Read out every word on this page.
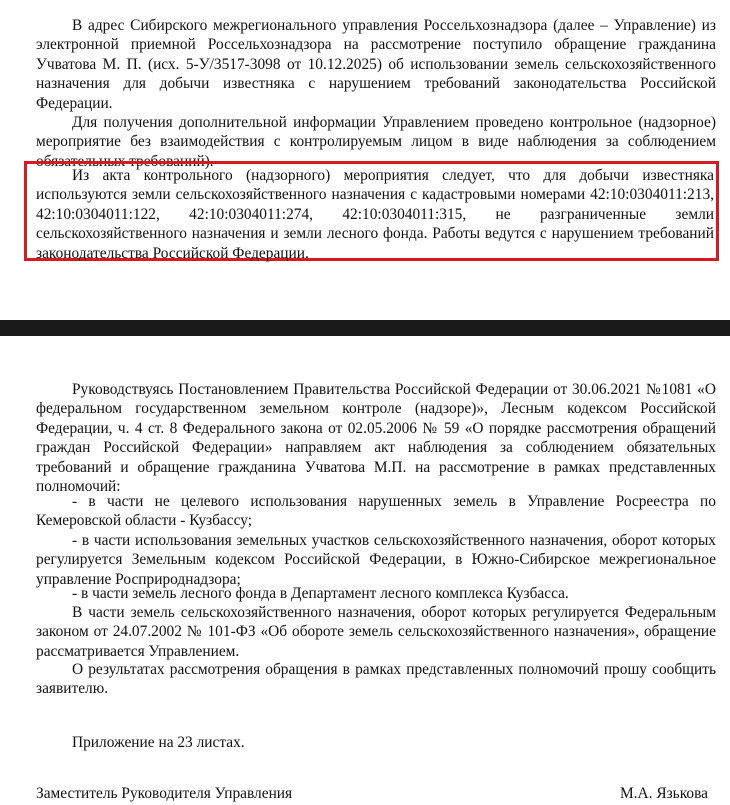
В адрес Сибирского межрегионального управления Россельхознадзора (далее – Управление) из электронной приемной Россельхознадзора на рассмотрение поступило обращение гражданина Учватова М. П. (исх. 5-У/3517-3098 от 10.12.2025) об использовании земель сельскохозяйственного назначения для добычи известняка с нарушением требований законодательства Российской Федерации.

Для получения дополнительной информации Управлением проведено контрольное (надзорное) мероприятие без взаимодействия с контролируемым лицом в виде наблюдения за соблюдением обязательных требований).

Из акта контрольного (надзорного) мероприятия следует, что для добычи известняка используются земли сельскохозяйственного назначения с кадастровыми номерами 42:10:0304011:213, 42:10:0304011:122, 42:10:0304011:274, 42:10:0304011:315, не разграниченные земли сельскохозяйственного назначения и земли лесного фонда. Работы ведутся с нарушением требований законодательства Российской Федерации.

Руководствуясь Постановлением Правительства Российской Федерации от 30.06.2021 №1081 «О федеральном государственном земельном контроле (надзоре)», Лесным кодексом Российской Федерации, ч. 4 ст. 8 Федерального закона от 02.05.2006 № 59 «О порядке рассмотрения обращений граждан Российской Федерации» направляем акт наблюдения за соблюдением обязательных требований и обращение гражданина Учватова М.П. на рассмотрение в рамках представленных полномочий:

- в части не целевого использования нарушенных земель в Управление Росреестра по Кемеровской области - Кузбассу;

- в части использования земельных участков сельскохозяйственного назначения, оборот которых регулируется Земельным кодексом Российской Федерации, в Южно-Сибирское межрегиональное управление Росприроднадзора;

- в части земель лесного фонда в Департамент лесного комплекса Кузбасса.

В части земель сельскохозяйственного назначения, оборот которых регулируется Федеральным законом от 24.07.2002 № 101-ФЗ «Об обороте земель сельскохозяйственного назначения», обращение рассматривается Управлением.

О результатах рассмотрения обращения в рамках представленных полномочий прошу сообщить заявителю.

Приложение на 23 листах.

Заместитель Руководителя Управления	М.А. Язькова
